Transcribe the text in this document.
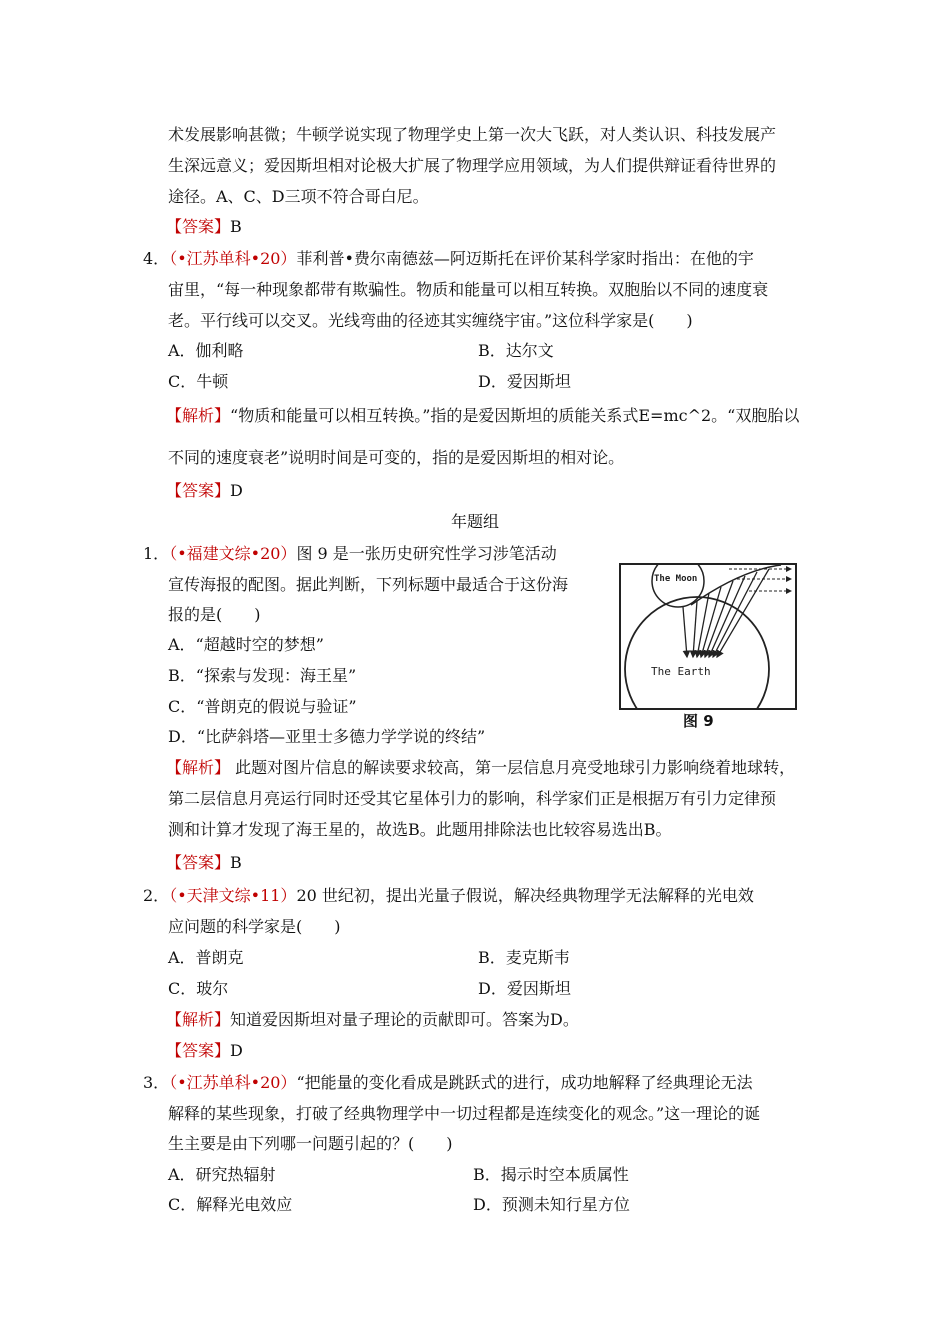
术发展影响甚微；牛顿学说实现了物理学史上第一次大飞跃，对人类认识、科技发展产
生深远意义；爱因斯坦相对论极大扩展了物理学应用领域，为人们提供辩证看待世界的
途径。A、C、D三项不符合哥白尼。
【答案】B
4．（•江苏单科•20）菲利普•费尔南德兹—阿迈斯托在评价某科学家时指出：在他的宇
宙里，“每一种现象都带有欺骗性。物质和能量可以相互转换。双胞胎以不同的速度衰
老。平行线可以交叉。光线弯曲的径迹其实缠绕宇宙。”这位科学家是(　　)
A．伽利略	B．达尔文
C．牛顿	D．爱因斯坦
【解析】“物质和能量可以相互转换。”指的是爱因斯坦的质能关系式E=mc^2。“双胞胎以
不同的速度衰老”说明时间是可变的，指的是爱因斯坦的相对论。
【答案】D
年题组
1．（•福建文综•20）图 9 是一张历史研究性学习涉笔活动
宣传海报的配图。据此判断，下列标题中最适合于这份海
报的是(　　)
A．“超越时空的梦想”
B．“探索与发现：海王星”
C．“普朗克的假说与验证”
D．“比萨斜塔—亚里士多德力学学说的终结”
The Moon
The Earth
图 9
【解析】 此题对图片信息的解读要求较高，第一层信息月亮受地球引力影响绕着地球转，
第二层信息月亮运行同时还受其它星体引力的影响，科学家们正是根据万有引力定律预
测和计算才发现了海王星的，故选B。此题用排除法也比较容易选出B。
【答案】B
2．（•天津文综•11）20 世纪初，提出光量子假说，解决经典物理学无法解释的光电效
应问题的科学家是(　　)
A．普朗克	B．麦克斯韦
C．玻尔	D．爱因斯坦
【解析】知道爱因斯坦对量子理论的贡献即可。答案为D。
【答案】D
3．（•江苏单科•20）“把能量的变化看成是跳跃式的进行，成功地解释了经典理论无法
解释的某些现象，打破了经典物理学中一切过程都是连续变化的观念。”这一理论的诞
生主要是由下列哪一问题引起的？(　　)
A．研究热辐射	B．揭示时空本质属性
C．解释光电效应	D．预测未知行星方位
